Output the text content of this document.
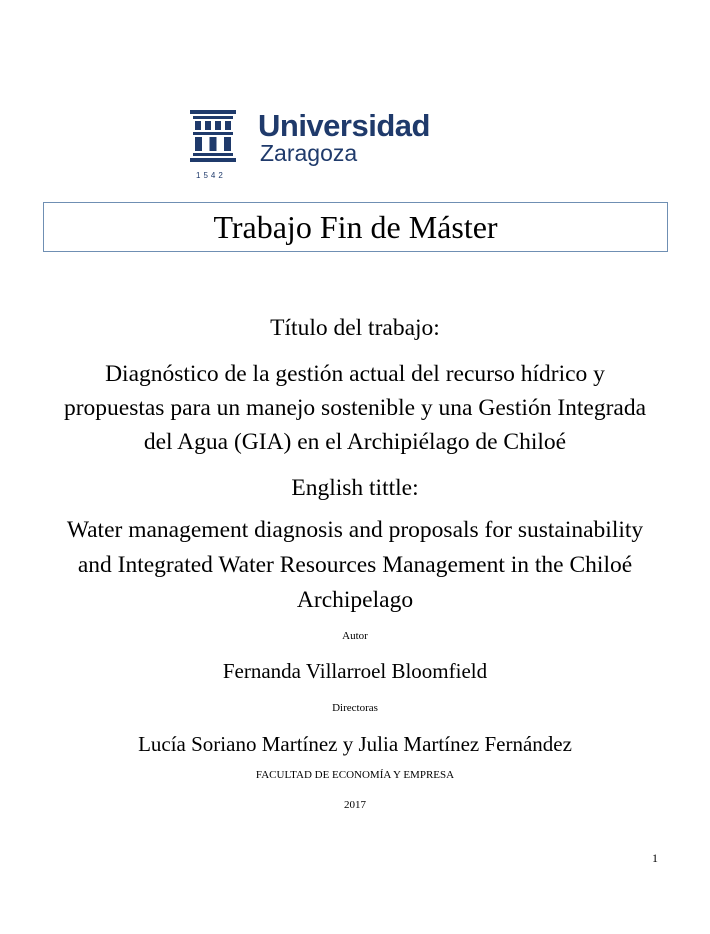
Universidad
Zaragoza
1542
Trabajo Fin de Máster
Título del trabajo:
Diagnóstico de la gestión actual del recurso hídrico y
propuestas para un manejo sostenible y una Gestión Integrada
del Agua (GIA) en el Archipiélago de Chiloé
English tittle:
Water management diagnosis and proposals for sustainability
and Integrated Water Resources Management in the Chiloé
Archipelago
Autor
Fernanda Villarroel Bloomfield
Directoras
Lucía Soriano Martínez y Julia Martínez Fernández
FACULTAD DE ECONOMÍA Y EMPRESA
2017
1
